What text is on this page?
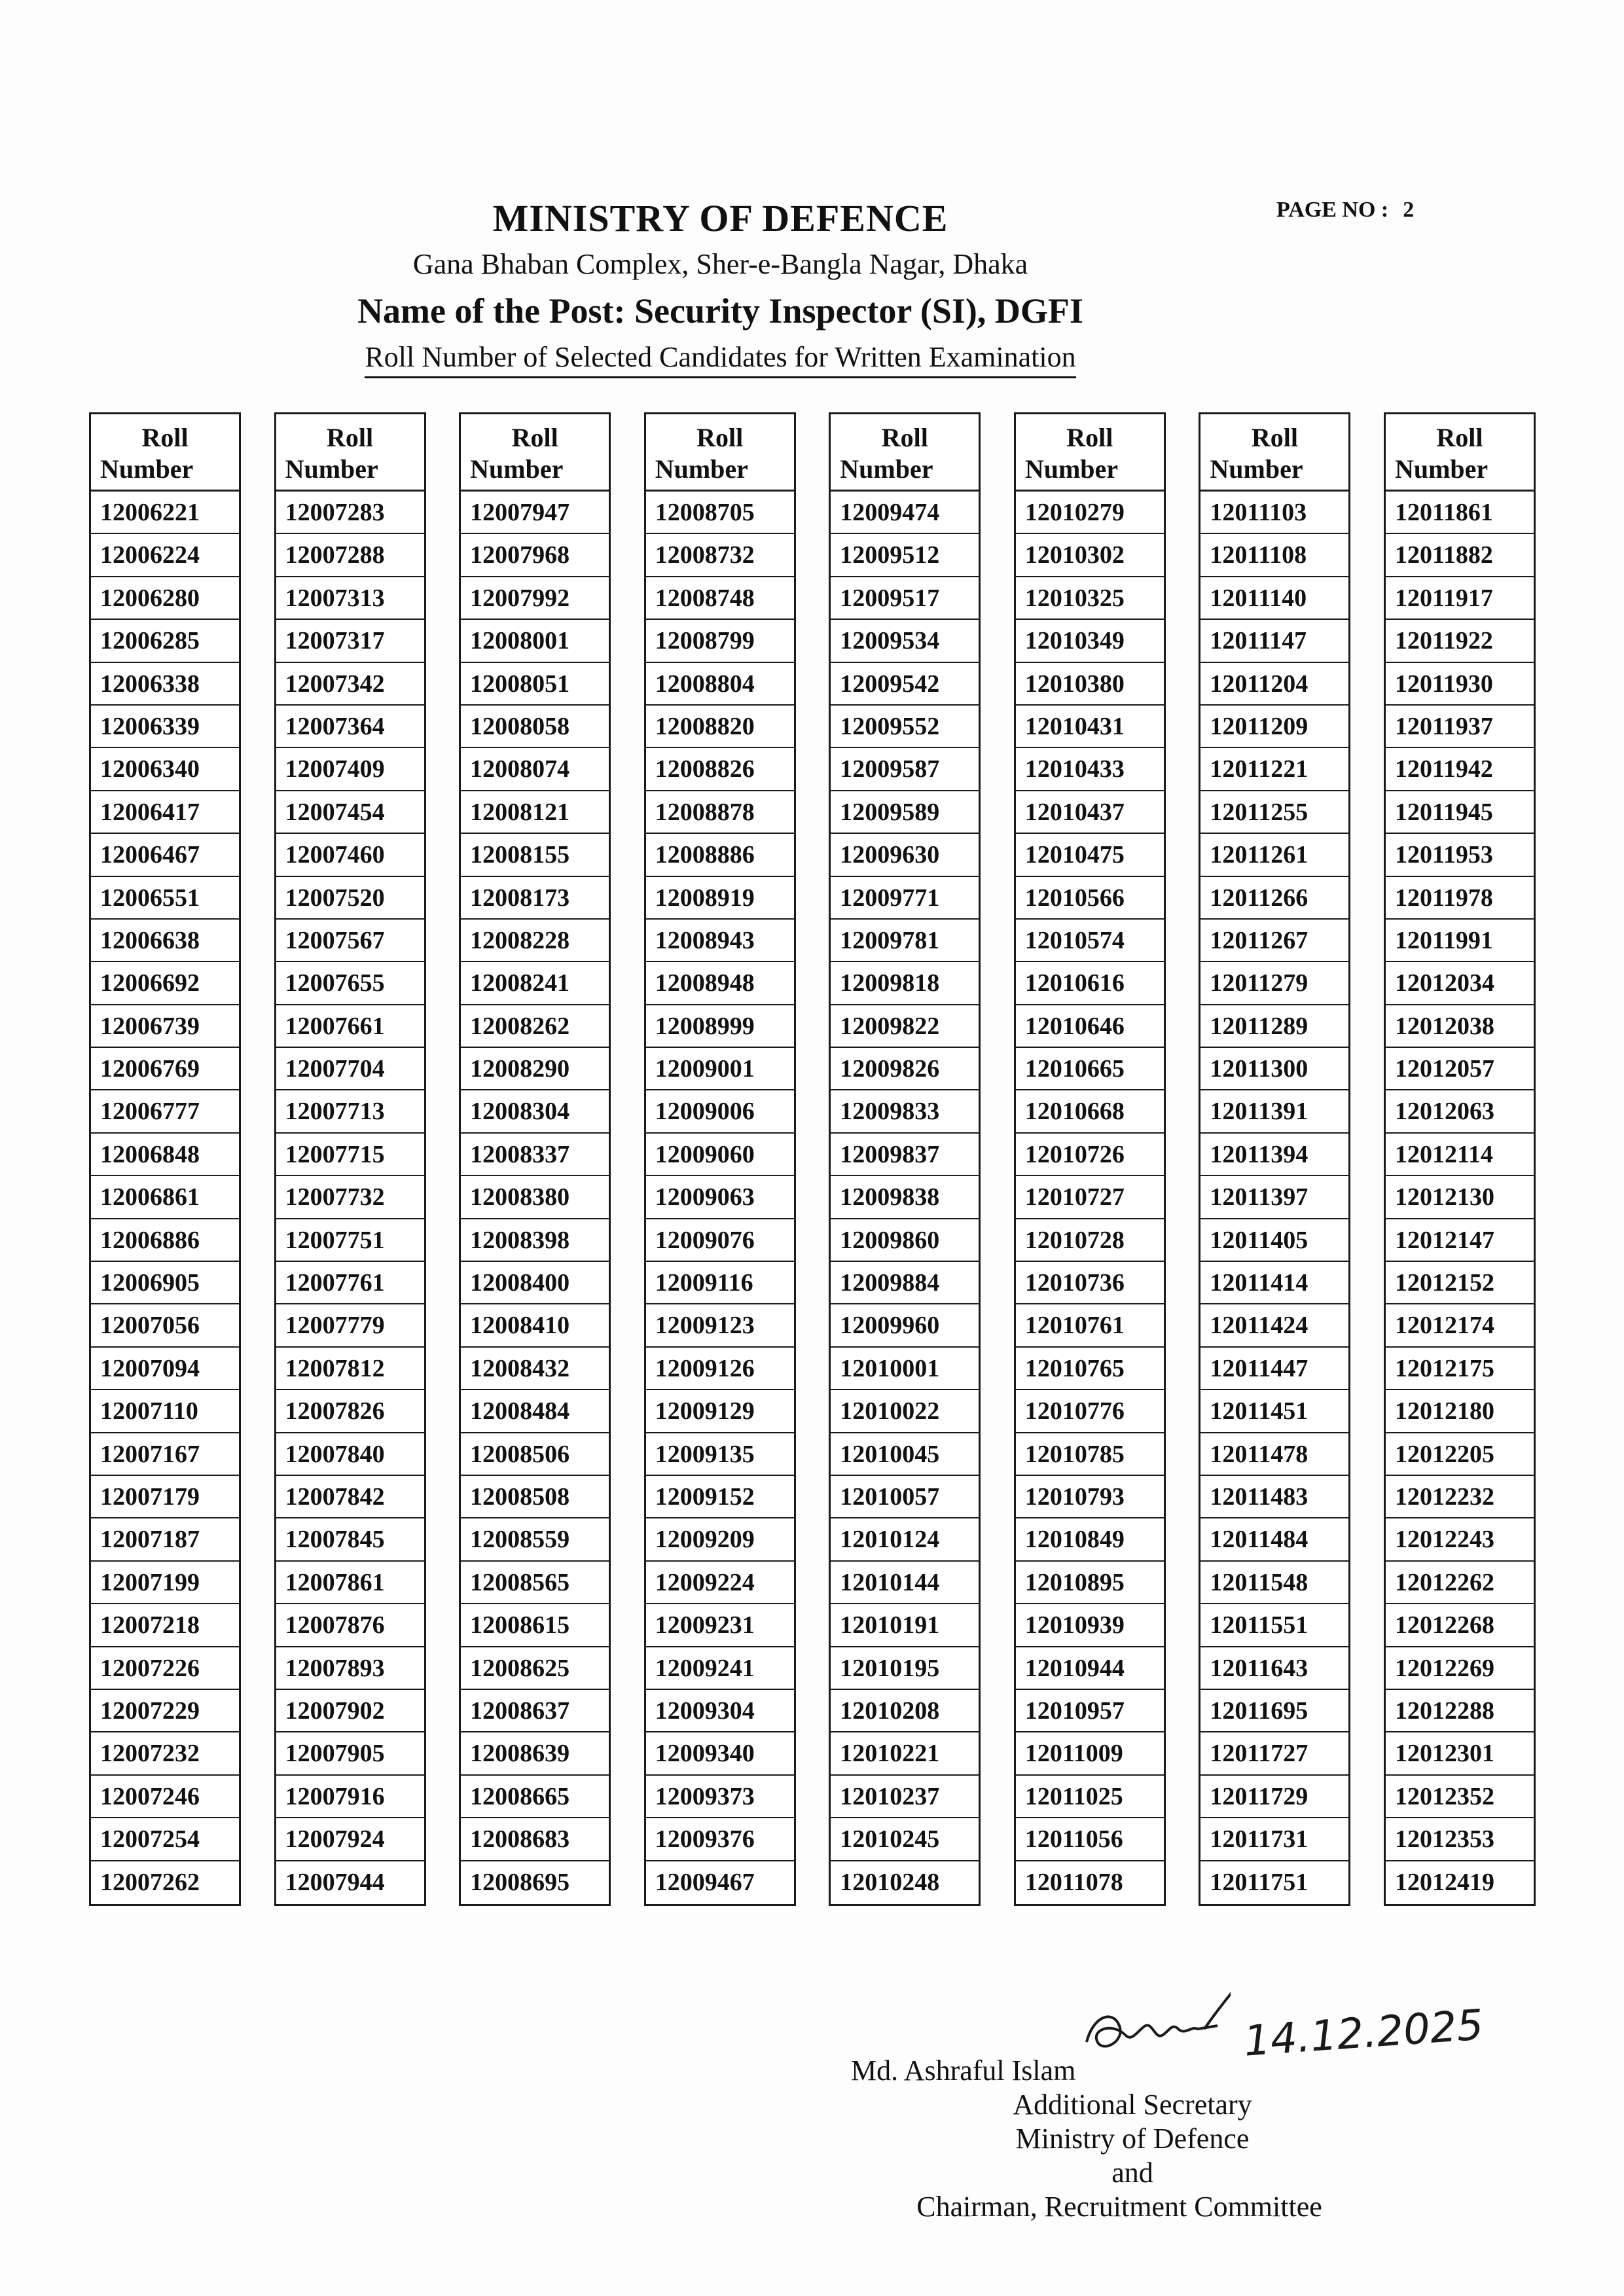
MINISTRY OF DEFENCE	PAGE NO : 2
Gana Bhaban Complex, Sher-e-Bangla Nagar, Dhaka
Name of the Post: Security Inspector (SI), DGFI
Roll Number of Selected Candidates for Written Examination
Roll
Number
12006221
12006224
12006280
12006285
12006338
12006339
12006340
12006417
12006467
12006551
12006638
12006692
12006739
12006769
12006777
12006848
12006861
12006886
12006905
12007056
12007094
12007110
12007167
12007179
12007187
12007199
12007218
12007226
12007229
12007232
12007246
12007254
12007262
Roll
Number
12007283
12007288
12007313
12007317
12007342
12007364
12007409
12007454
12007460
12007520
12007567
12007655
12007661
12007704
12007713
12007715
12007732
12007751
12007761
12007779
12007812
12007826
12007840
12007842
12007845
12007861
12007876
12007893
12007902
12007905
12007916
12007924
12007944
Roll
Number
12007947
12007968
12007992
12008001
12008051
12008058
12008074
12008121
12008155
12008173
12008228
12008241
12008262
12008290
12008304
12008337
12008380
12008398
12008400
12008410
12008432
12008484
12008506
12008508
12008559
12008565
12008615
12008625
12008637
12008639
12008665
12008683
12008695
Roll
Number
12008705
12008732
12008748
12008799
12008804
12008820
12008826
12008878
12008886
12008919
12008943
12008948
12008999
12009001
12009006
12009060
12009063
12009076
12009116
12009123
12009126
12009129
12009135
12009152
12009209
12009224
12009231
12009241
12009304
12009340
12009373
12009376
12009467
Roll
Number
12009474
12009512
12009517
12009534
12009542
12009552
12009587
12009589
12009630
12009771
12009781
12009818
12009822
12009826
12009833
12009837
12009838
12009860
12009884
12009960
12010001
12010022
12010045
12010057
12010124
12010144
12010191
12010195
12010208
12010221
12010237
12010245
12010248
Roll
Number
12010279
12010302
12010325
12010349
12010380
12010431
12010433
12010437
12010475
12010566
12010574
12010616
12010646
12010665
12010668
12010726
12010727
12010728
12010736
12010761
12010765
12010776
12010785
12010793
12010849
12010895
12010939
12010944
12010957
12011009
12011025
12011056
12011078
Roll
Number
12011103
12011108
12011140
12011147
12011204
12011209
12011221
12011255
12011261
12011266
12011267
12011279
12011289
12011300
12011391
12011394
12011397
12011405
12011414
12011424
12011447
12011451
12011478
12011483
12011484
12011548
12011551
12011643
12011695
12011727
12011729
12011731
12011751
Roll
Number
12011861
12011882
12011917
12011922
12011930
12011937
12011942
12011945
12011953
12011978
12011991
12012034
12012038
12012057
12012063
12012114
12012130
12012147
12012152
12012174
12012175
12012180
12012205
12012232
12012243
12012262
12012268
12012269
12012288
12012301
12012352
12012353
12012419
14.12.2025
Md. Ashraful Islam
Additional Secretary
Ministry of Defence
and
Chairman, Recruitment Committee
